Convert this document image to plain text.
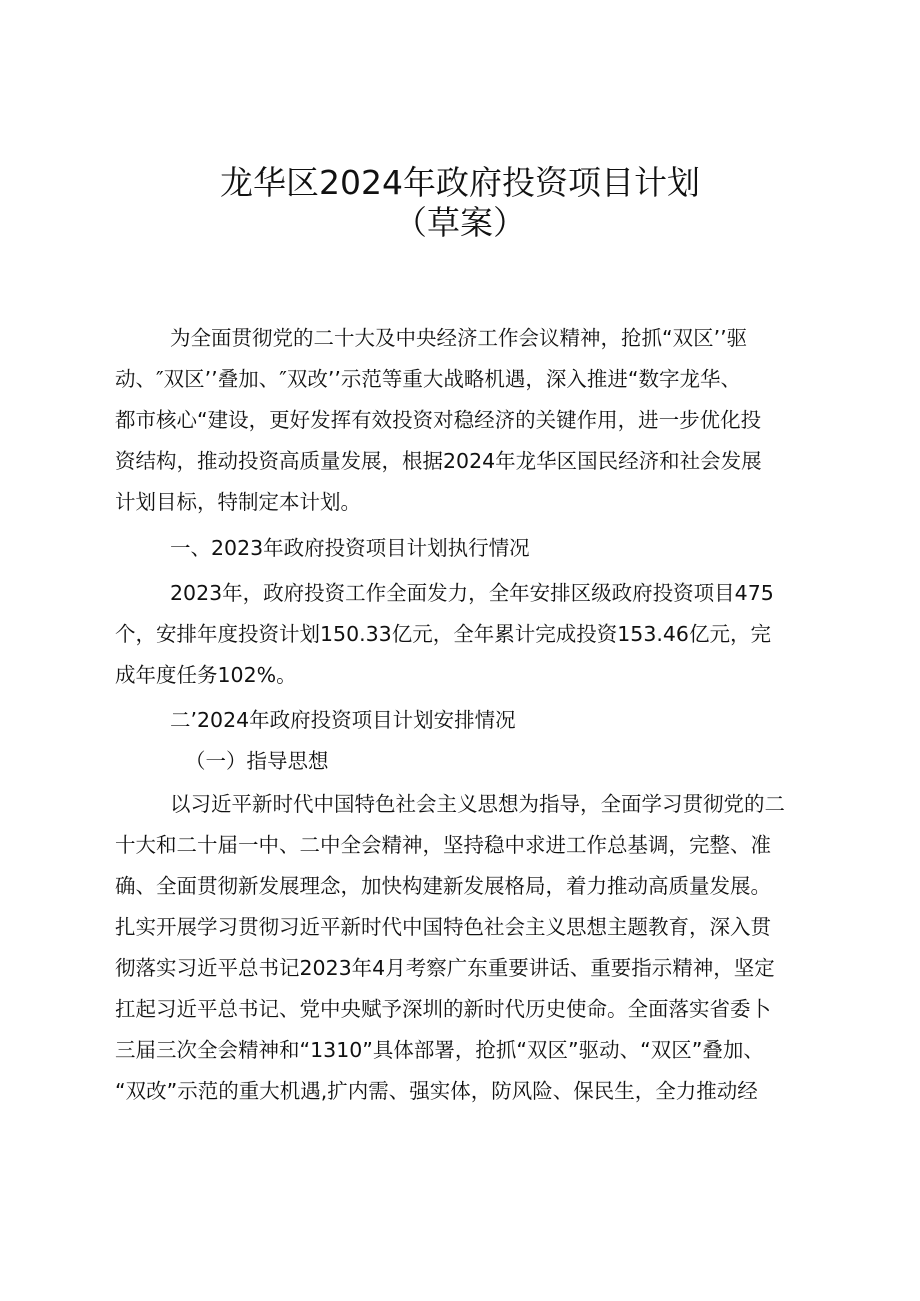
龙华区2024年政府投资项目计划
（草案）
为全面贯彻党的二十大及中央经济工作会议精神，抢抓“双区’’驱
动、″双区’’叠加、″双改’’示范等重大战略机遇，深入推进“数字龙华、
都市核心“建设，更好发挥有效投资对稳经济的关键作用，进一步优化投
资结构，推动投资高质量发展，根据2024年龙华区国民经济和社会发展
计划目标，特制定本计划。
一、2023年政府投资项目计划执行情况
2023年，政府投资工作全面发力，全年安排区级政府投资项目475
个，安排年度投资计划150.33亿元，全年累计完成投资153.46亿元，完
成年度任务102%。
二’2024年政府投资项目计划安排情况
（一）指导思想
以习近平新时代中国特色社会主义思想为指导，全面学习贯彻党的二
十大和二十届一中、二中全会精神，坚持稳中求进工作总基调，完整、准
确、全面贯彻新发展理念，加快构建新发展格局，着力推动高质量发展。
扎实开展学习贯彻习近平新时代中国特色社会主义思想主题教育，深入贯
彻落实习近平总书记2023年4月考察广东重要讲话、重要指示精神，坚定
扛起习近平总书记、党中央赋予深圳的新时代历史使命。全面落实省委卜
三届三次全会精神和“1310”具体部署，抢抓“双区”驱动、“双区”叠加、
“双改”示范的重大机遇,扩内需、强实体，防风险、保民生，全力推动经
